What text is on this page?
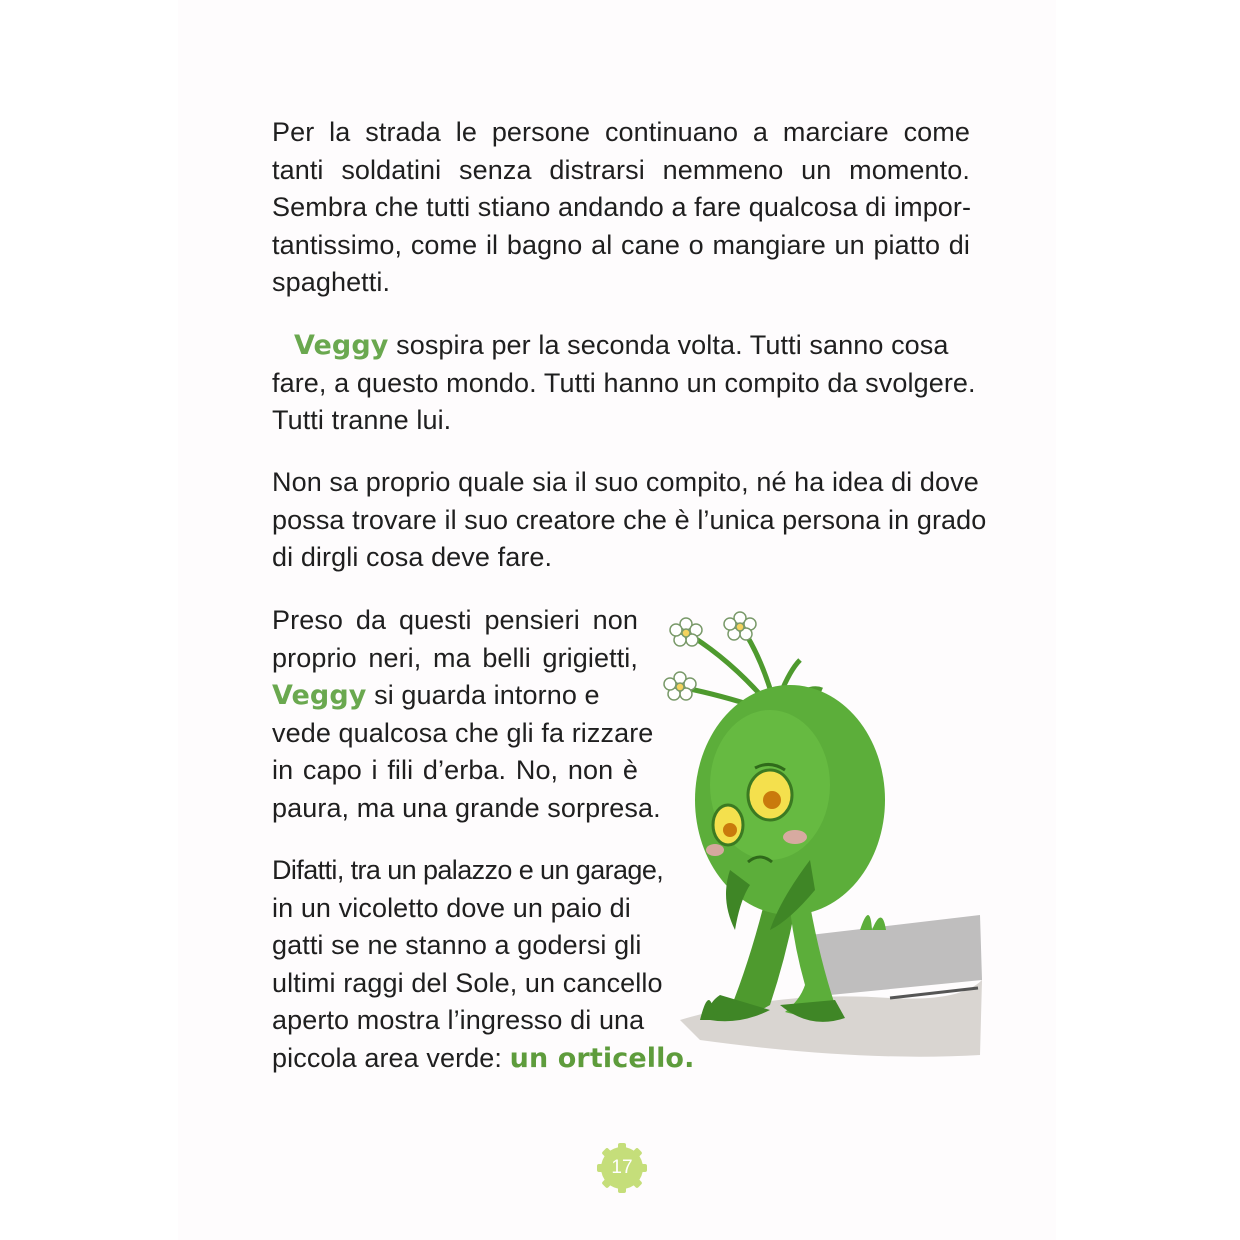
Per la strada le persone continuano a marciare come
tanti soldatini senza distrarsi nemmeno un momento.
Sembra che tutti stiano andando a fare qualcosa di impor-
tantissimo, come il bagno al cane o mangiare un piatto di
spaghetti.
Veggy sospira per la seconda volta. Tutti sanno cosa
fare, a questo mondo. Tutti hanno un compito da svolgere.
Tutti tranne lui.
Non sa proprio quale sia il suo compito, né ha idea di dove
possa trovare il suo creatore che è l’unica persona in grado
di dirgli cosa deve fare.
Preso da questi pensieri non
proprio neri, ma belli grigietti,
Veggy si guarda intorno e
vede qualcosa che gli fa rizzare
in capo i fili d’erba. No, non è
paura, ma una grande sorpresa.
Difatti, tra un palazzo e un garage,
in un vicoletto dove un paio di
gatti se ne stanno a godersi gli
ultimi raggi del Sole, un cancello
aperto mostra l’ingresso di una
piccola area verde: un orticello.
17
